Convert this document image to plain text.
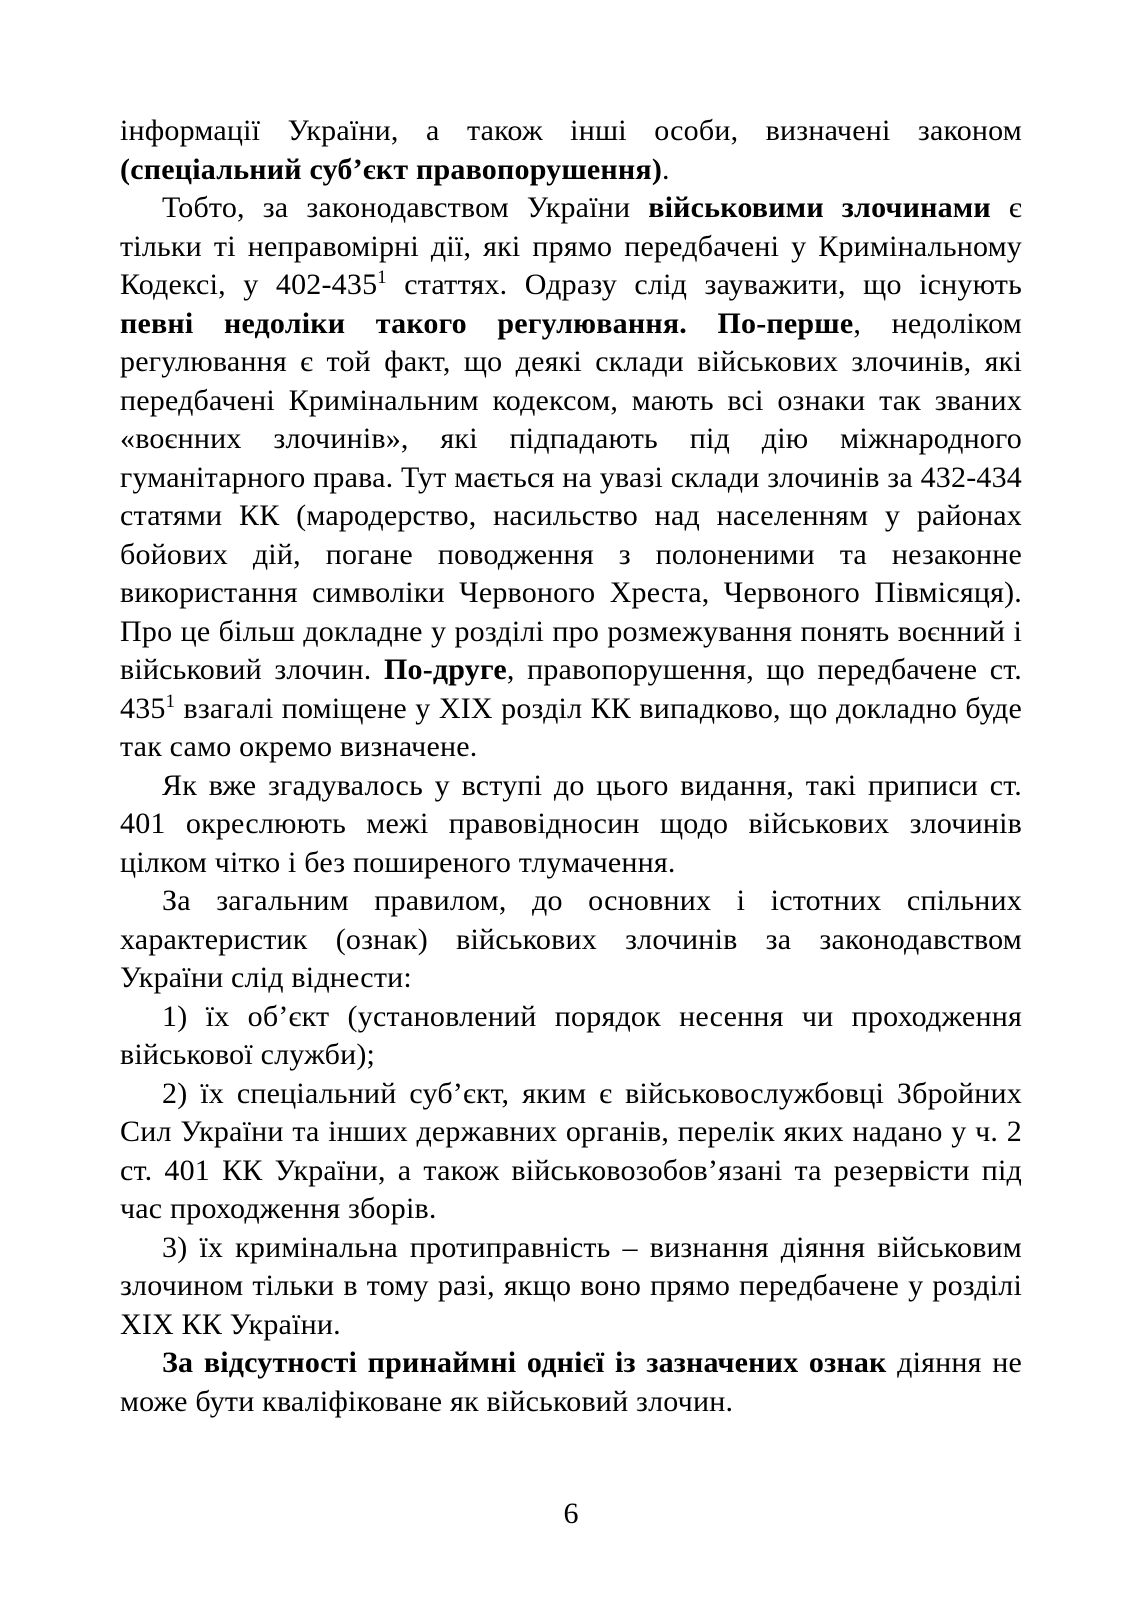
інформації України, а також інші особи, визначені законом (спеціальний суб’єкт правопорушення).

Тобто, за законодавством України військовими злочинами є тільки ті неправомірні дії, які прямо передбачені у Кримінальному Кодексі, у $402-435^1$ статтях. Одразу слід зауважити, що існують певні недоліки такого регулювання. По-перше, недоліком регулювання є той факт, що деякі склади військових злочинів, які передбачені Кримінальним кодексом, мають всі ознаки так званих «воєнних злочинів», які підпадають під дію міжнародного гуманітарного права. Тут мається на увазі склади злочинів за 432-434 статями КК (мародерство, насильство над населенням у районах бойових дій, погане поводження з полоненими та незаконне використання символіки Червоного Хреста, Червоного Півмісяця). Про це більш докладне у розділі про розмежування понять воєнний і військовий злочин. По-друге, правопорушення, що передбачене ст. $435^1$ взагалі поміщене у XIX розділ КК випадково, що докладно буде так само окремо визначене.

Як вже згадувалось у вступі до цього видання, такі приписи ст. 401 окреслюють межі правовідносин щодо військових злочинів цілком чітко і без поширеного тлумачення.

За загальним правилом, до основних і істотних спільних характеристик (ознак) військових злочинів за законодавством України слід віднести:

1) їх об’єкт (установлений порядок несення чи проходження військової служби);

2) їх спеціальний суб’єкт, яким є військовослужбовці Збройних Сил України та інших державних органів, перелік яких надано у ч. 2 ст. 401 КК України, а також військовозобов’язані та резервісти під час проходження зборів.

3) їх кримінальна протиправність – визнання діяння військовим злочином тільки в тому разі, якщо воно прямо передбачене у розділі XIX КК України.

За відсутності принаймні однієї із зазначених ознак діяння не може бути кваліфіковане як військовий злочин.

6
